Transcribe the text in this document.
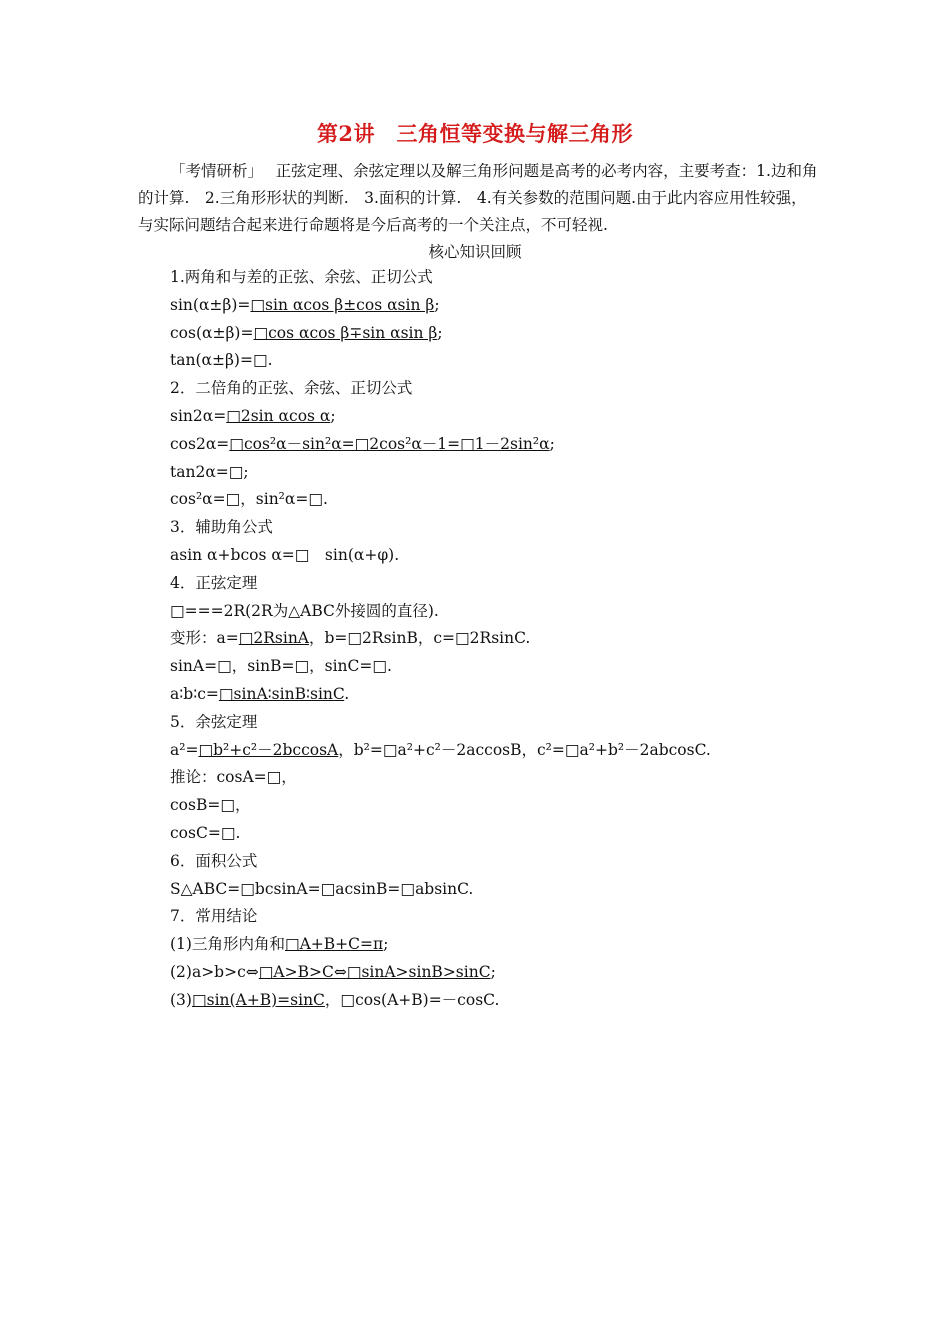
第2讲　三角恒等变换与解三角形

「考情研析」　 正弦定理、余弦定理以及解三角形问题是高考的必考内容，主要考查：1.边和角的计算.　2.三角形形状的判断.　3.面积的计算.　4.有关参数的范围问题.由于此内容应用性较强，与实际问题结合起来进行命题将是今后高考的一个关注点，不可轻视.

核心知识回顾
1.两角和与差的正弦、余弦、正切公式
sin(α±β)=□sin αcos β±cos αsin β;
cos(α±β)=□cos αcos β∓sin αsin β;
tan(α±β)=□.
2．二倍角的正弦、余弦、正切公式
sin2α=□2sin αcos α;
cos2α=□cos²α－sin²α=□2cos²α－1=□1－2sin²α;
tan2α=□;
cos²α=□，sin²α=□.
3．辅助角公式
asin α+bcos α=□　sin(α+φ).
4．正弦定理
□===2R(2R为△ABC外接圆的直径).
变形：a=□2RsinA，b=□2RsinB，c=□2RsinC.
sinA=□，sinB=□，sinC=□.
a∶b∶c=□sinA∶sinB∶sinC.
5．余弦定理
a²=□b²+c²－2bccosA，b²=□a²+c²－2accosB，c²=□a²+b²－2abcosC.
推论：cosA=□，
cosB=□，
cosC=□.
6．面积公式
S△ABC=□bcsinA=□acsinB=□absinC.
7．常用结论
(1)三角形内角和□A+B+C=π;
(2)a>b>c⇔□A>B>C⇔□sinA>sinB>sinC;
(3)□sin(A+B)=sinC，□cos(A+B)=－cosC.
